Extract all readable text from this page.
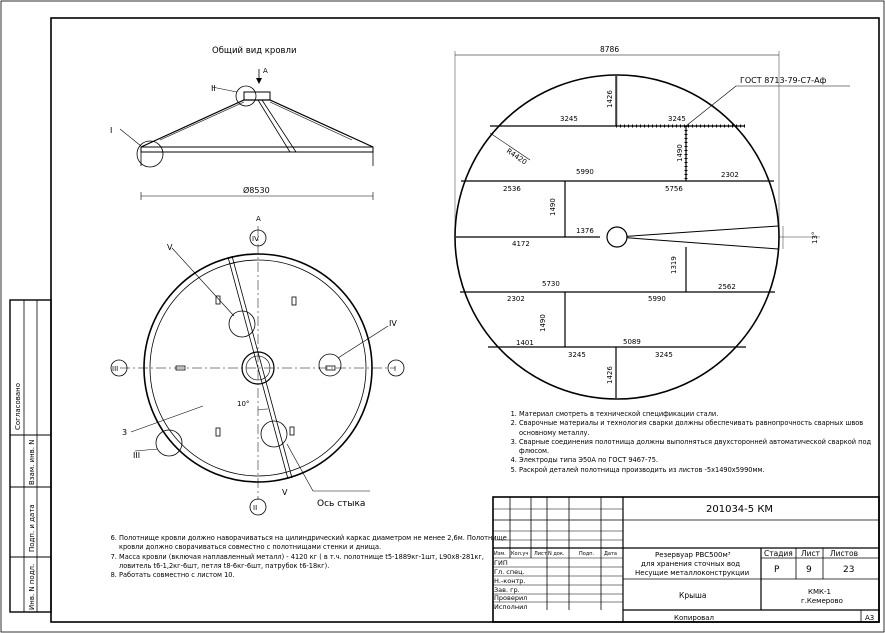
Согласовано
Взам. инв. N
Подп. и дата
Инв. N подл.
Общий вид кровли
А
I
II
Ø8530
А
IV
I
II
III
V
V
IV
III
3
10°
Ось стыка
8786
ГОСТ 8713-79-С7-Аф
R4420
1426
3245	3245
1490
2302
5990
5756
2536
1490
1376
4172	13°
1319
5730	2562
2302	5990
1490
1401	5089
3245	3245
1426
201034-5 КМ
Изм. Кол.уч Лист N док.	Подп. Дата
ГИП
Гл. спец.
Н.-контр.
Зав. гр.
Проверил
Исполнил
Резервуар РВС500м³
для хранения сточных вод
Несущие металлоконструкции
Крыша
Стадия Лист Листов
Р	9	23
КМК-1
г.Кемерово
Копировал	А3
1. Материал смотреть в технической спецификации стали.
2. Сварочные материалы и технология сварки должны обеспечивать равнопрочность сварных швов основному металлу.
3. Сварные соединения полотнища должны выполняться двухсторонней автоматической сваркой под флюсом.
4. Электроды типа Э50А по ГОСТ 9467-75.
5. Раскрой деталей полотнища производить из листов -5х1490х5990мм.
6. Полотнище кровли должно наворачиваться на цилиндрический каркас диаметром не менее 2,6м. Полотнище кровли должно сворачиваться совместно с полотнищами стенки и днища.
7. Масса кровли (включая наплавленный металл) - 4120 кг ( в т.ч. полотнище t5-1889кг-1шт, L90х8-281кг, ловитель t6-1,2кг-6шт, петля t8-6кг-6шт, патрубок t6-18кг).
8. Работать совместно с листом 10.
